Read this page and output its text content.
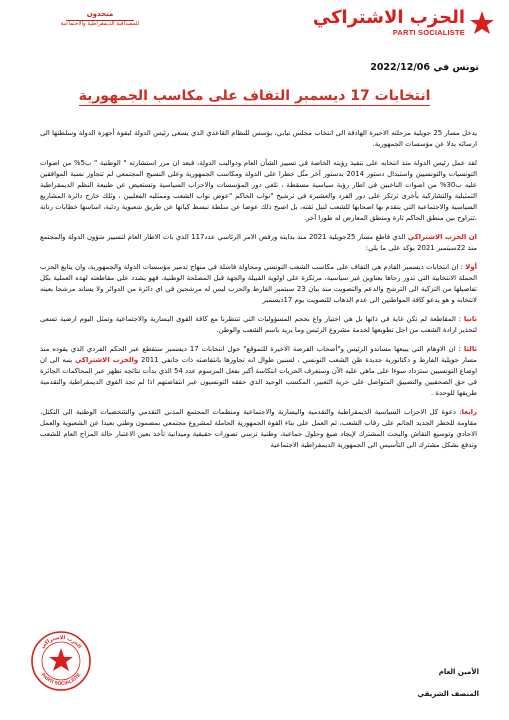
متحدون
للمصداقية الديمقراطية والاجتماعية	الحزب الاشتراكي
PARTI SOCIALISTE
تونس في 2022/12/06
انتخابات 17 ديسمبر التفاف على مكاسب الجمهورية

يدخل مسار 25 جويلية مرحلته الاخيرة الهادفة الى انتخاب مجلس نيابي، يؤسس للنظام القاعدي الذي يسعى رئيس الدولة لبقوة أجهزة الدولة وسلطتها الى ارسائه بدلا عن مؤسسات الجمهورية.

لقد عمل رئيس الدولة منذ انتخابه على تنفيذ رؤيته الخاصة في تسيير الشأن العام ودواليب الدولة، فبعد ان مرر استشارته " الوطنية " ب5% من اصوات التونسيات والتونسيين واستبدال دستور 2014 بدستور آخر مثّل خطرا على الدولة ومكاسب الجمهورية وعلى النسيج المجتمعي لم تتجاوز نسبة الموافقين عليه ب30% من اصوات الناخبين في اطار رؤية سياسية مسقطة ، تلغي دور المؤسسات والاحزاب السياسية وتستعيض عن طبيعة النظم الديمقراطية التمثيلية والتشاركية بأخرى ترتكز على دور الفرد والعشيرة في ترشيح "نواب الحاكم "عوض نواب الشعب وممثليه الفعليين ، وثلك خارج دائرة المشاريع السياسية والاجتماعية التي يتقدم بها اصحابها للشعب لنيل ثقته، بل اصبح ذلك عوضا عن سلطة تبسط كيانها عن طريق شعبوية ردئية، اساسها خطابات رنانة ،تتراوح بين منطق الحاكم ثارة ومنطق المعارض له طورا آخر.

ان الحزب الاشتراكي الذي قاطع مسار 25جويلية 2021 منذ بدايته ورفض الامر الرئاسي عدد117 الذي بات الاطار العام لتسيير شؤون الدولة والمجتمع منذ 22سبتمبر 2021 يؤكد على ما يلي:

أولا : ان انتخابات ديسمبر القادم هي التفاف على مكاسب الشعب التونسي ومحاولة فاشلة في منهاج تدمير مؤسسات الدولة والجمهورية، وان يتابع الحزب الحملة الانتخابية التي تدور رحاها بعناوين غير سياسية، مرتكزة على اولوية القبيلة والجهة قبل المصلحة الوطنية، فهو يشدد على مقاطعته لهذه العملية بكل تفاصيلها من التزكية الى الترشح والدعم والتصويت منذ بيان 23 سبتمبر الفارط والحزب ليس له مرشحين في اي دائرة من الدوائر ولا يساند مرشحا بعينه لانتخابه و هو يدعو كافة المواطنين الى عدم الذهاب للتصويت يوم 17ديسمبر

ثانيا : المقاطعة لم تكن غاية في ذاتها بل هي اختيار واع بحجم المسؤوليات التي تنتظرنا مع كافة القوى اليسارية والاجتماعية وتمثل اليوم ارضية تسعى لتحذير ارادة الشعب من اجل تطويعها لخدمة مشروع الرئيس وما يريد باسم الشعب والوطن.

ثالثا : ان الاوهام التي يبيعها مساندو الرئيس و"أصحاب الفرصة الاخيرة للتموقع" حول انتخابات 17 ديسمبر ستقطع عبر الحكم الفردي الذي يقوده منذ مسار جويلية الفارط و دكتاتورية جديدة ظن الشعب التونسي ، لسنين طوال انه تجاوزها بانتفاضته ذات جانفي 2011 والحزب الاشتراكي ينبه الى ان اوضاع التونسيين ستزداد سوءا على ماهي عليه الآن وستعرف الحريات انتكاسة أكبر بفعل المرسوم عدد 54 الذي بدأت نتائجه تظهر عبر المحاكمات الجائرة في حق الصحفيين والتضييق المتواصل على حرية التعبير، المكسب الوحيد الذي حققه التونسيون عبر انتفاضتهم اذا لم تجد القوى الديمقراطية والتقدمية طريقها للوحدة .

رابعا: دعوة كل الاحزاب السياسية الديمقراطية والتقدمية واليسارية والاجتماعية ومنظمات المجتمع المدني التقدمي والشخصيات الوطنية الى التكتل، مقاومة للخطر الجديد الجاثم على رقاب الشعب، ثم العمل على بناء القوة الجمهورية الحاملة لمشروع مجتمعي بمضمون وطني بعيدا عن الشعبوية والعمل الاحادي وتوسيع النقاش والبحث المشترك لإيجاد صيغ وحلول جماعية، وطنية ترسي تصورات حقيقية وميدانية تأخذ بعين الاعتبار حالة المزاج العام للشعب وتدفع بشكل مشترك الى التأسيس الى الجمهورية الديمقراطية الاجتماعية

الأمين العام
المنصف الشريقي
الحزب الاشتراكي
PARTI SOCIALISTE
